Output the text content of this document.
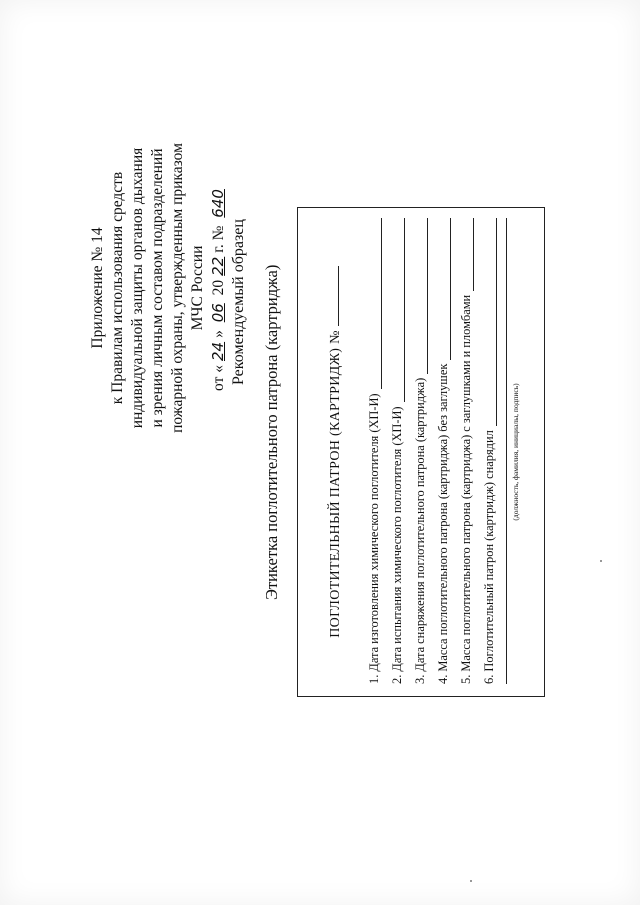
Приложение № 14 к Правилам использования средств индивидуальной защиты органов дыхания и зрения личным составом подразделений пожарной охраны, утвержденным приказом МЧС России
от «24» 06 2022г. № 640
Рекомендуемый образец Этикетка поглотительного патрона (картриджа)	ПОГЛОТИТЕЛЬНЫЙ ПАТРОН (КАРТРИДЖ) № 1. Дата изготовления химического поглотителя (ХП-И) 2. Дата испытания химического поглотителя (ХП-И) 3. Дата снаряжения поглотительного патрона (картриджа) 4. Масса поглотительного патрона (картриджа) без заглушек 5. Масса поглотительного патрона (картриджа) с заглушками и пломбами 6. Поглотительный патрон (картридж) снарядил (должность, фамилия, инициалы, подпись)
